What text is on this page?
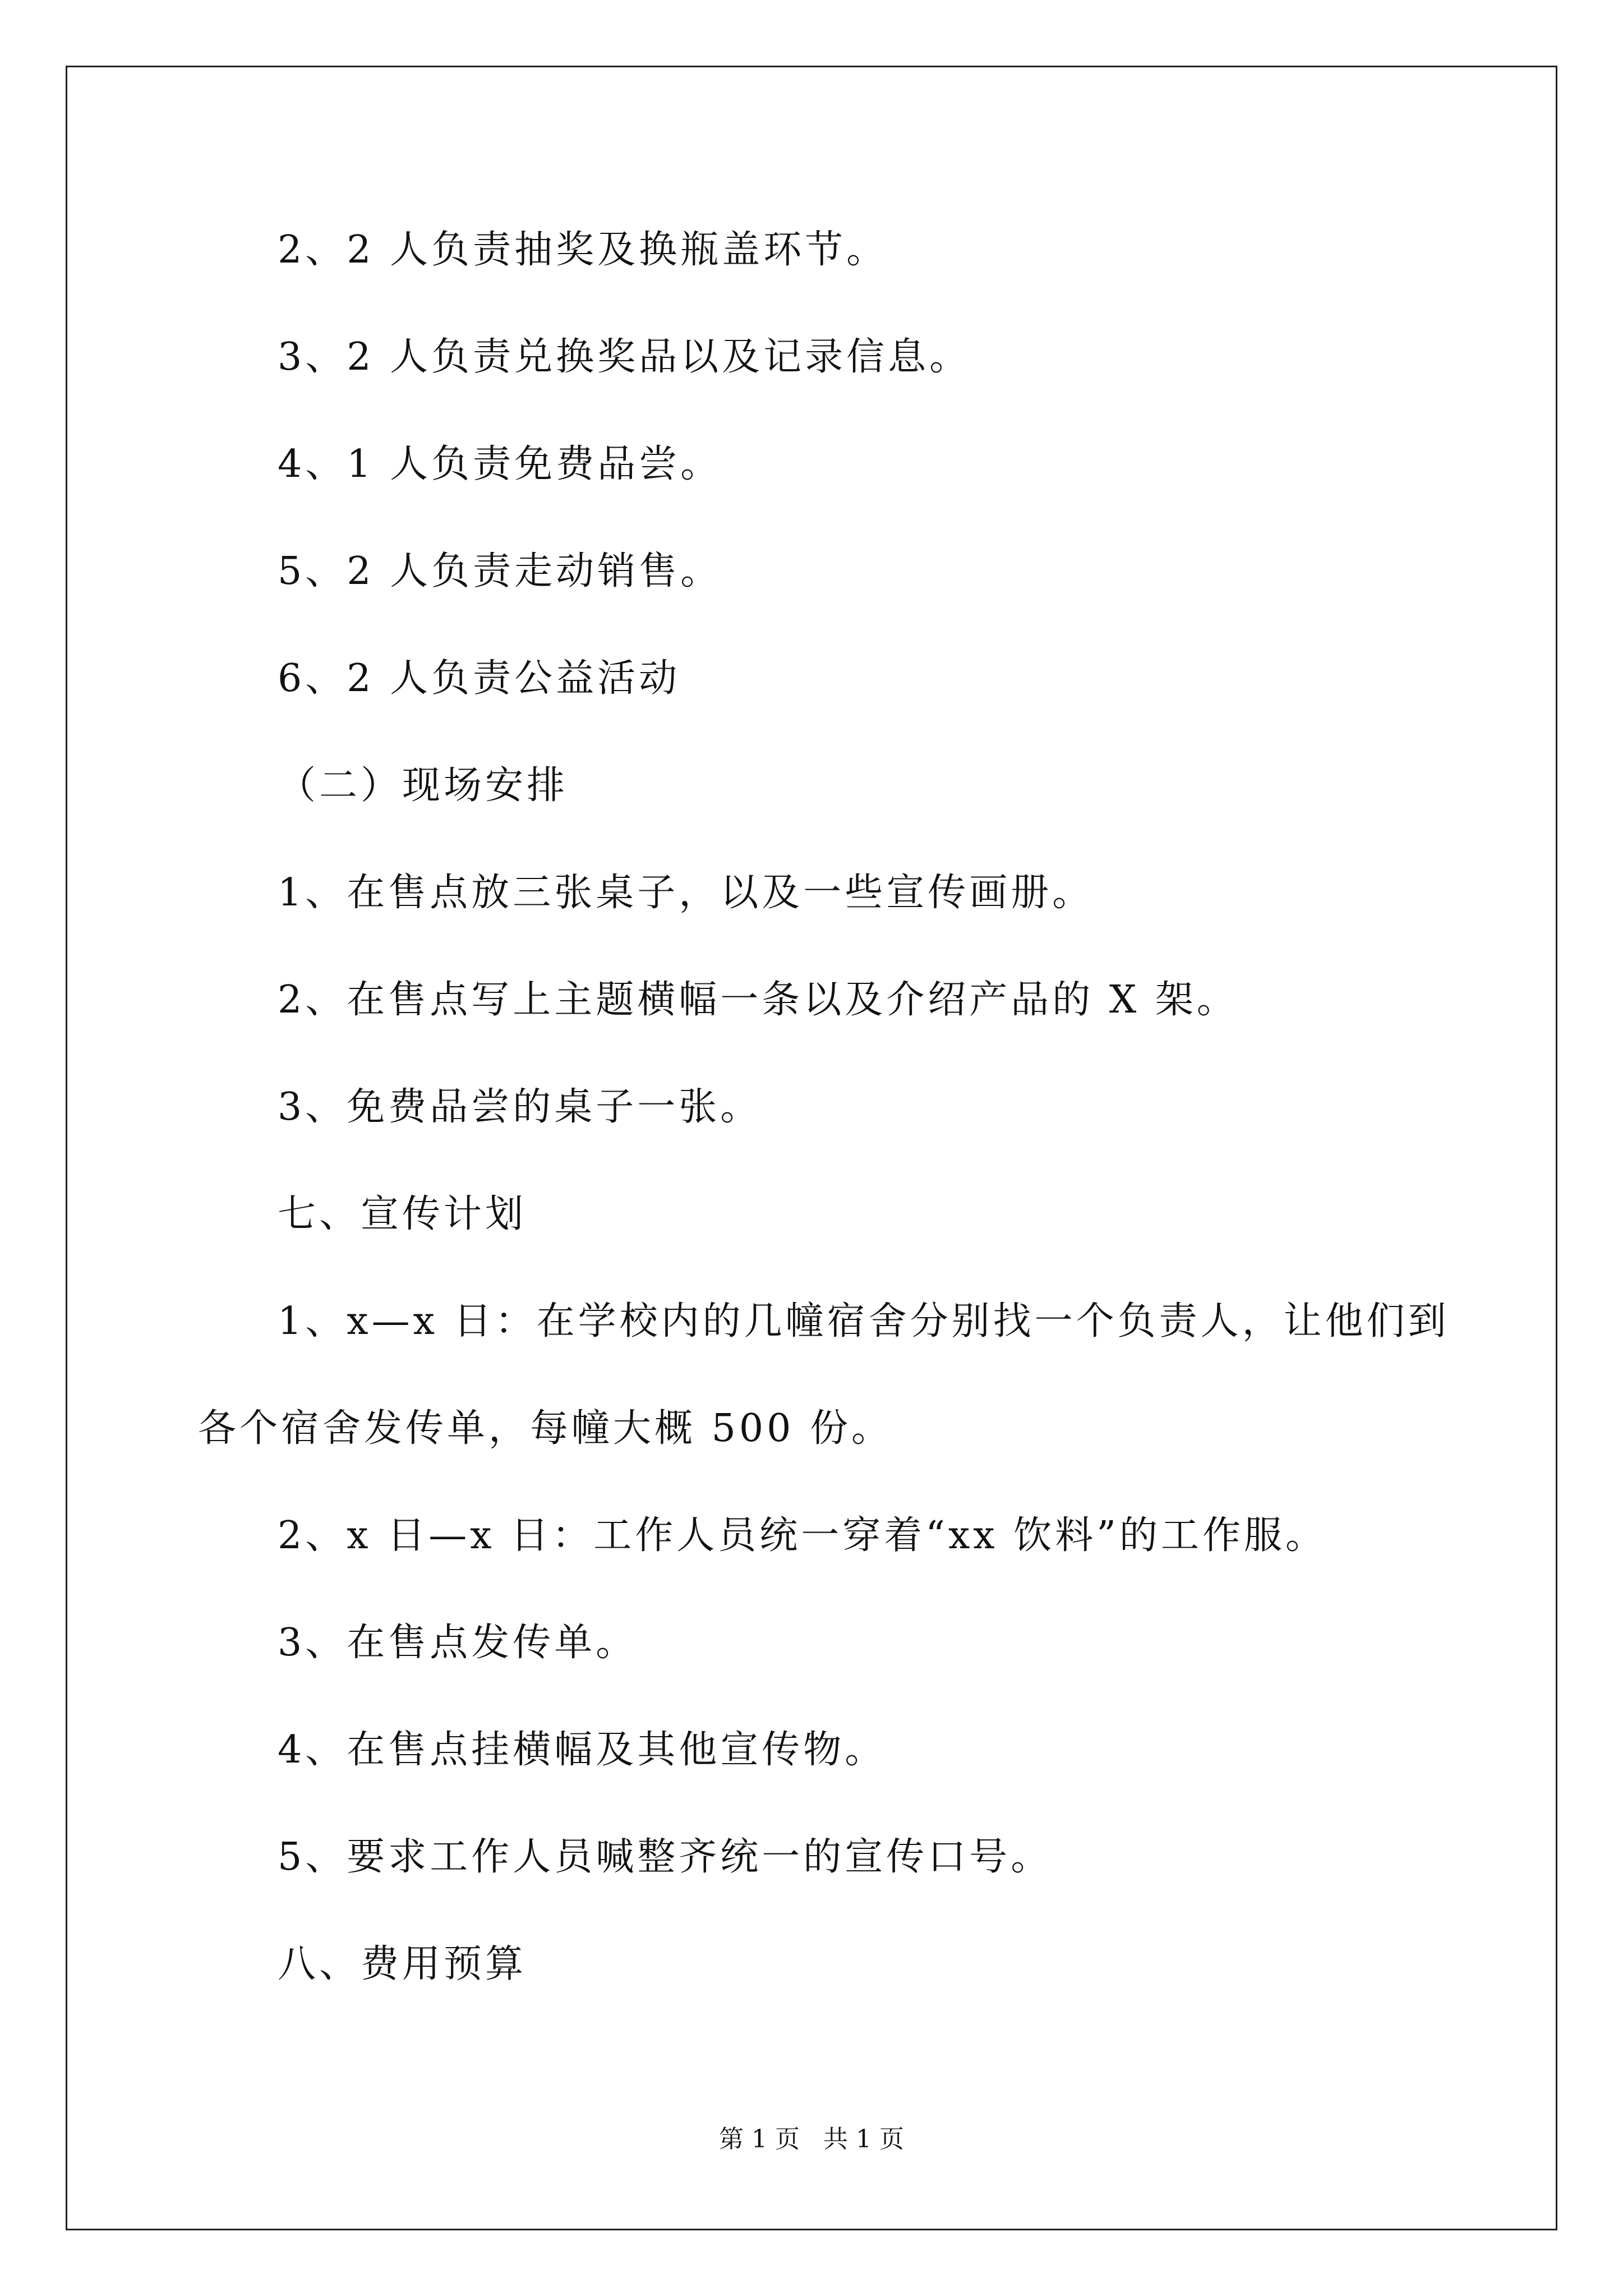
2、2 人负责抽奖及换瓶盖环节。
3、2 人负责兑换奖品以及记录信息。
4、1 人负责免费品尝。
5、2 人负责走动销售。
6、2 人负责公益活动
（二）现场安排
1、在售点放三张桌子，以及一些宣传画册。
2、在售点写上主题横幅一条以及介绍产品的 X 架。
3、免费品尝的桌子一张。
七、宣传计划
1、x—x 日：在学校内的几幢宿舍分别找一个负责人，让他们到
各个宿舍发传单，每幢大概 500 份。
2、x 日—x 日：工作人员统一穿着“xx 饮料”的工作服。
3、在售点发传单。
4、在售点挂横幅及其他宣传物。
5、要求工作人员喊整齐统一的宣传口号。
八、费用预算
第 1 页   共 1 页
